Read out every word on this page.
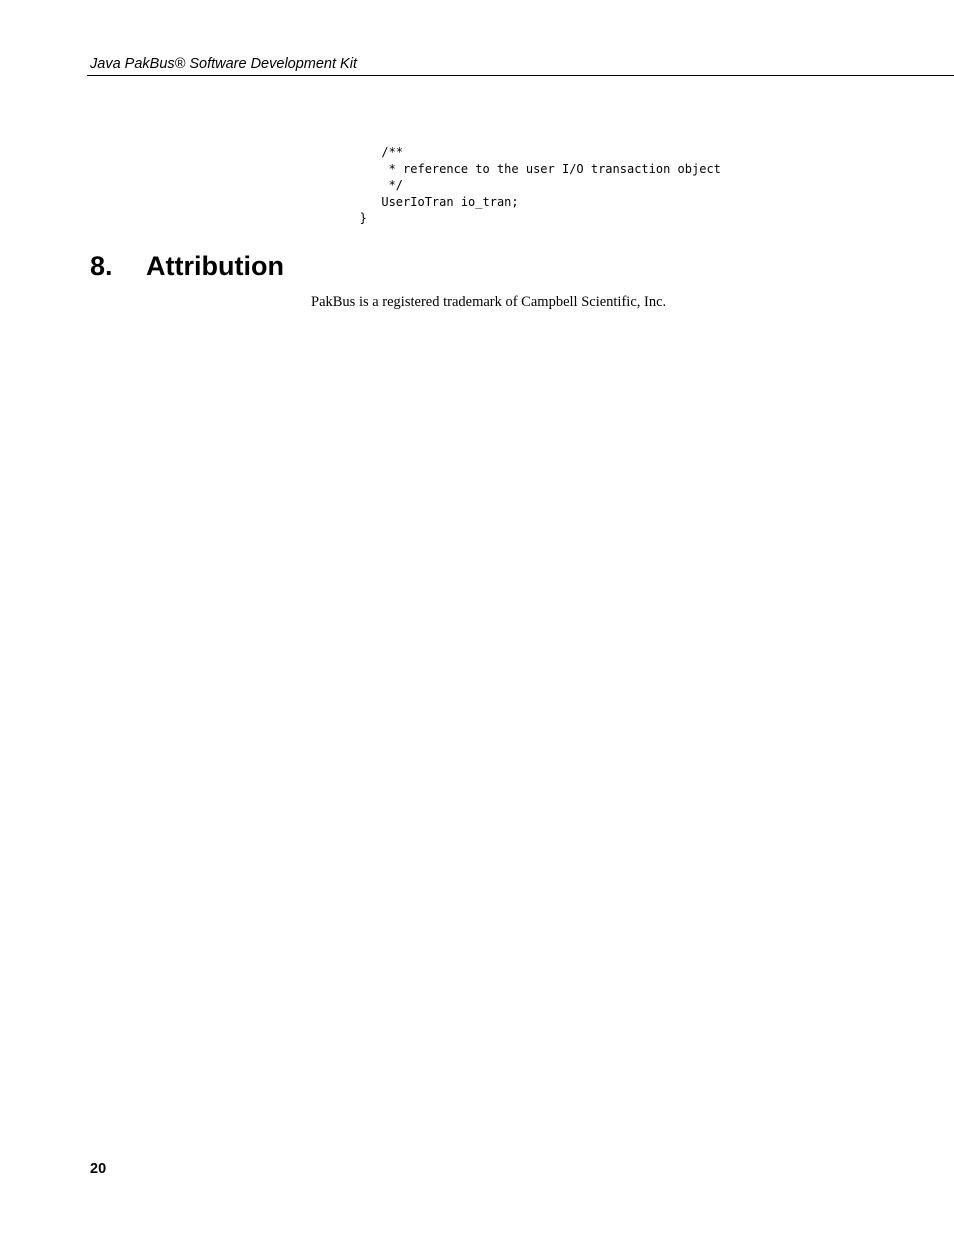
Java PakBus® Software Development Kit
/**
* reference to the user I/O transaction object
*/
UserIoTran io_tran;
}
8. Attribution

PakBus is a registered trademark of Campbell Scientific, Inc.

20
